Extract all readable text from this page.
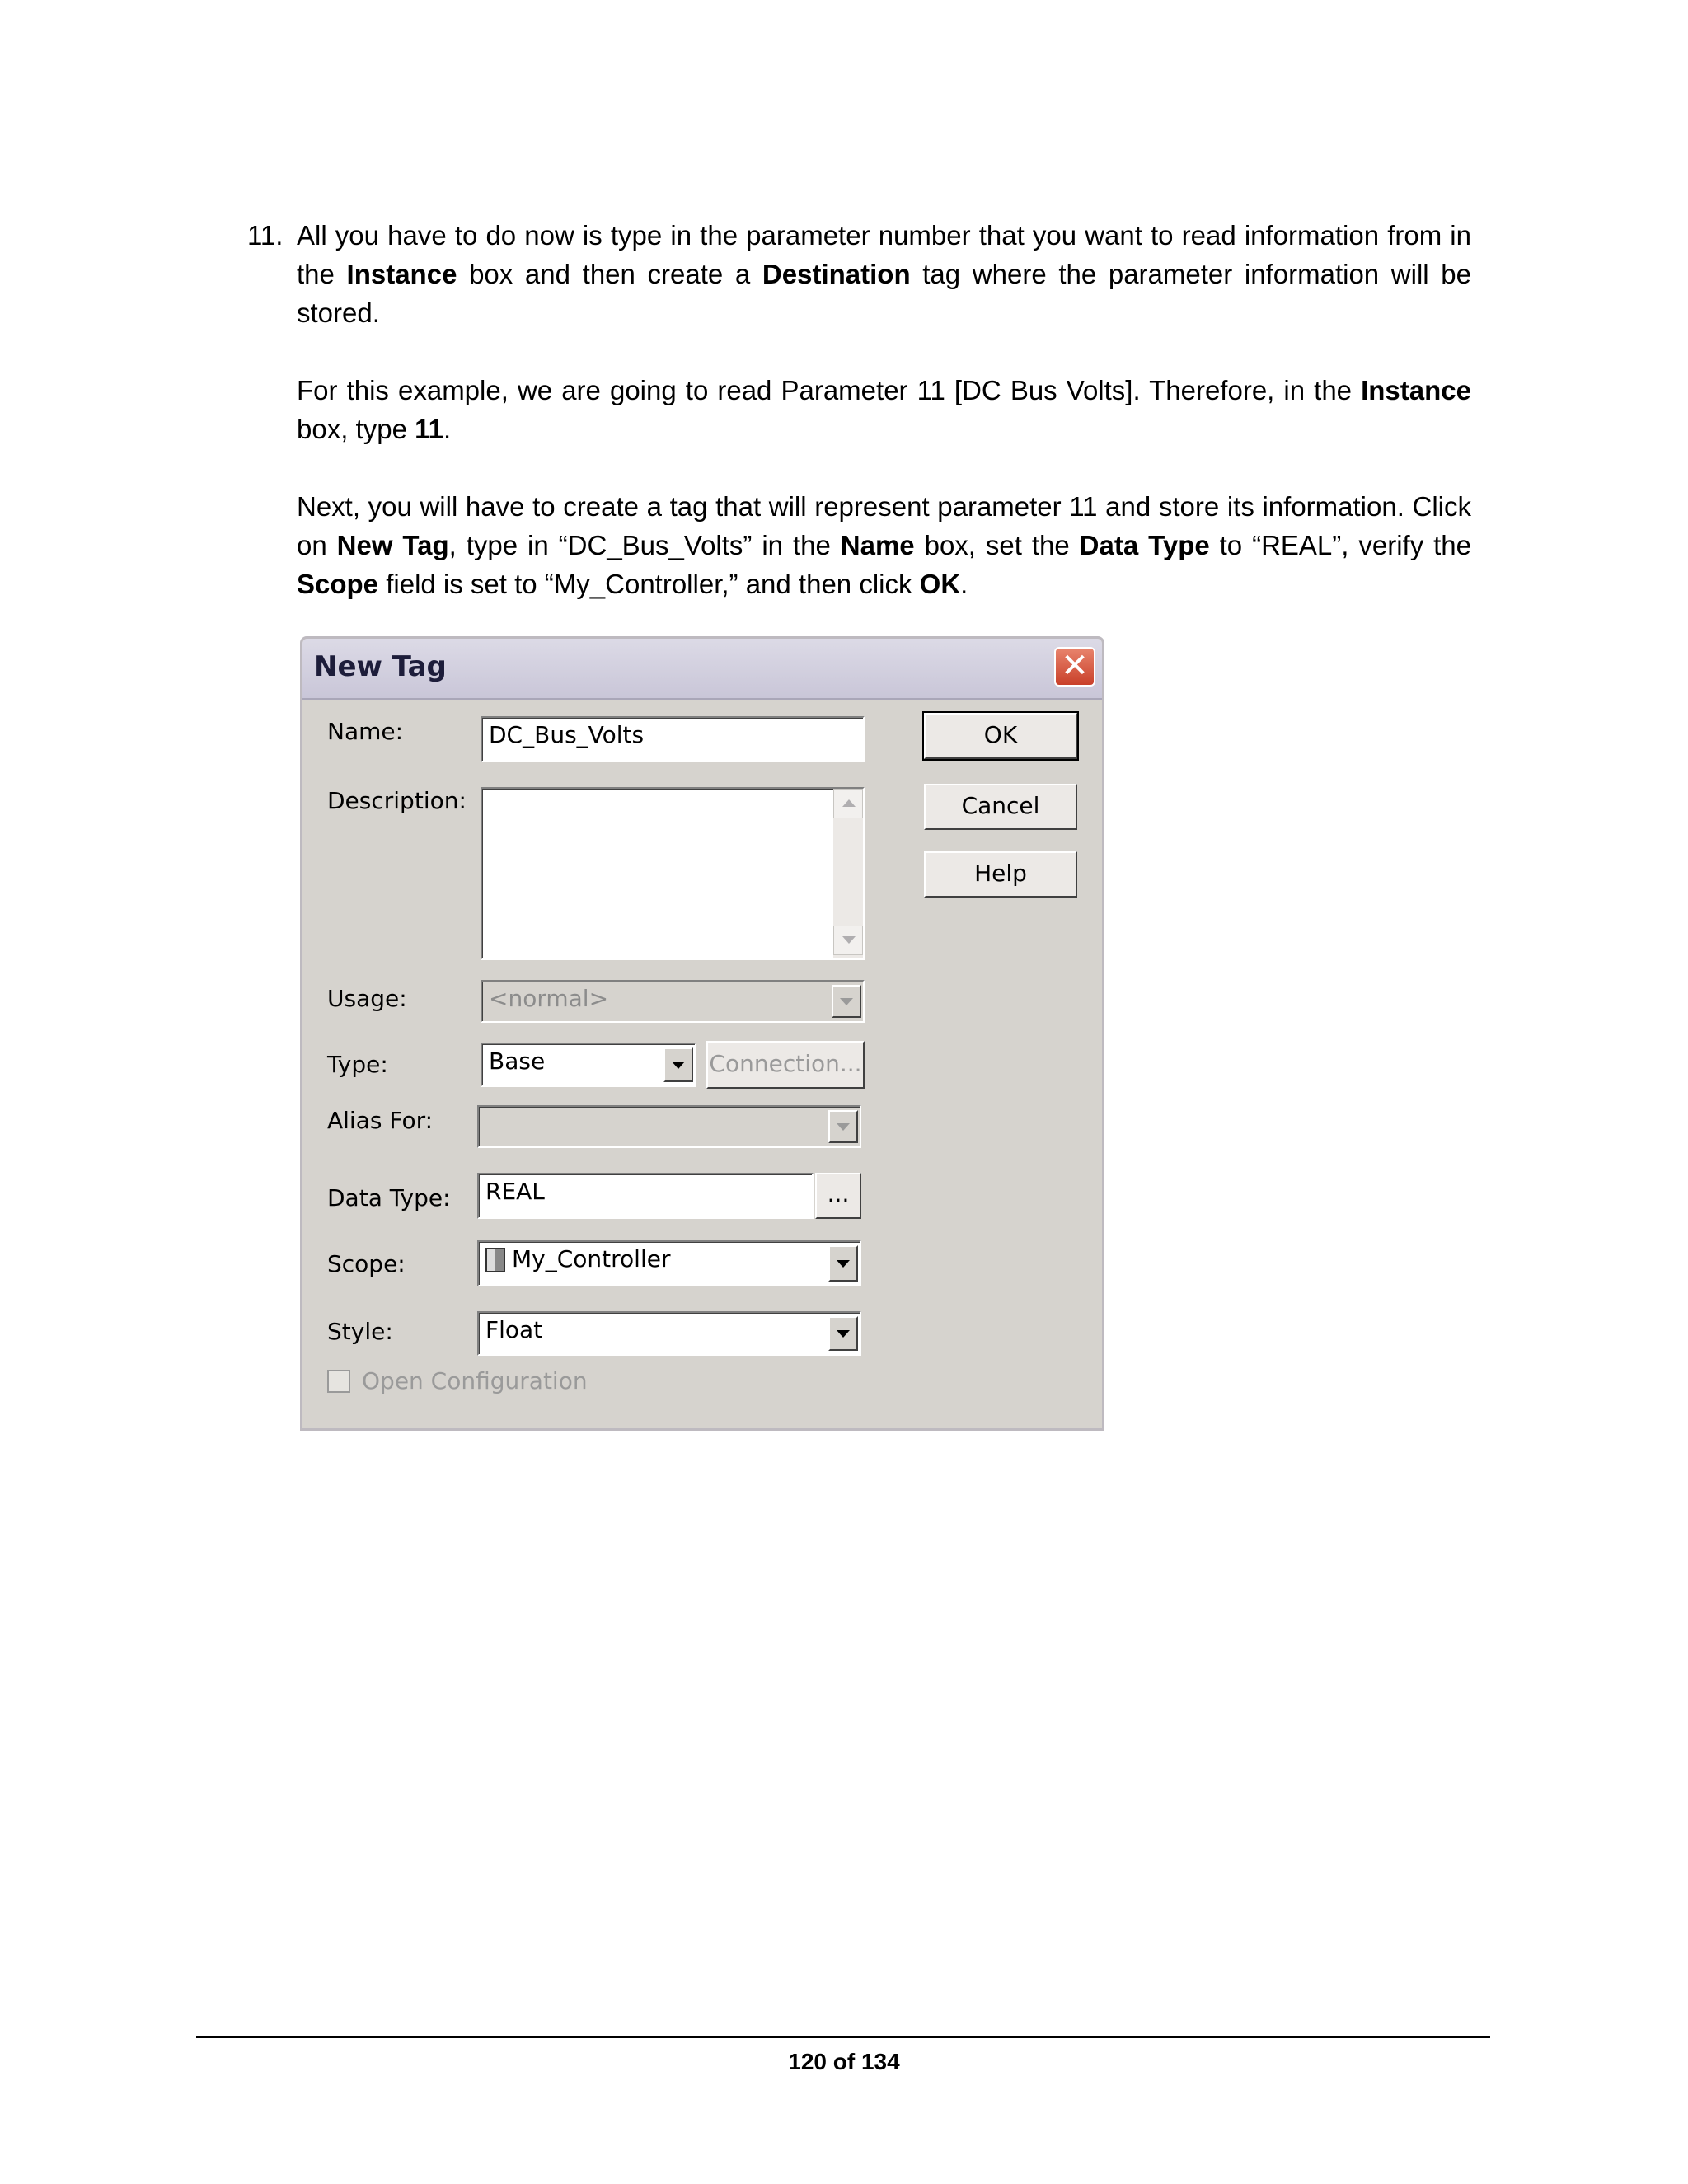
11. All you have to do now is type in the parameter number that you want to read information from in the Instance box and then create a Destination tag where the parameter information will be stored.

For this example, we are going to read Parameter 11 [DC Bus Volts]. Therefore, in the Instance box, type 11.

Next, you will have to create a tag that will represent parameter 11 and store its information. Click on New Tag, type in “DC_Bus_Volts” in the Name box, set the Data Type to “REAL”, verify the Scope field is set to “My_Controller,” and then click OK.

New Tag	✕
Name:	DC_Bus_Volts
Description:
Usage:	<normal>
Type:	Base	Connection...
Alias For:
Data Type:	REAL	...
Scope:	My_Controller
Style:	Float
Open Configuration
OK
Cancel
Help
120 of 134
